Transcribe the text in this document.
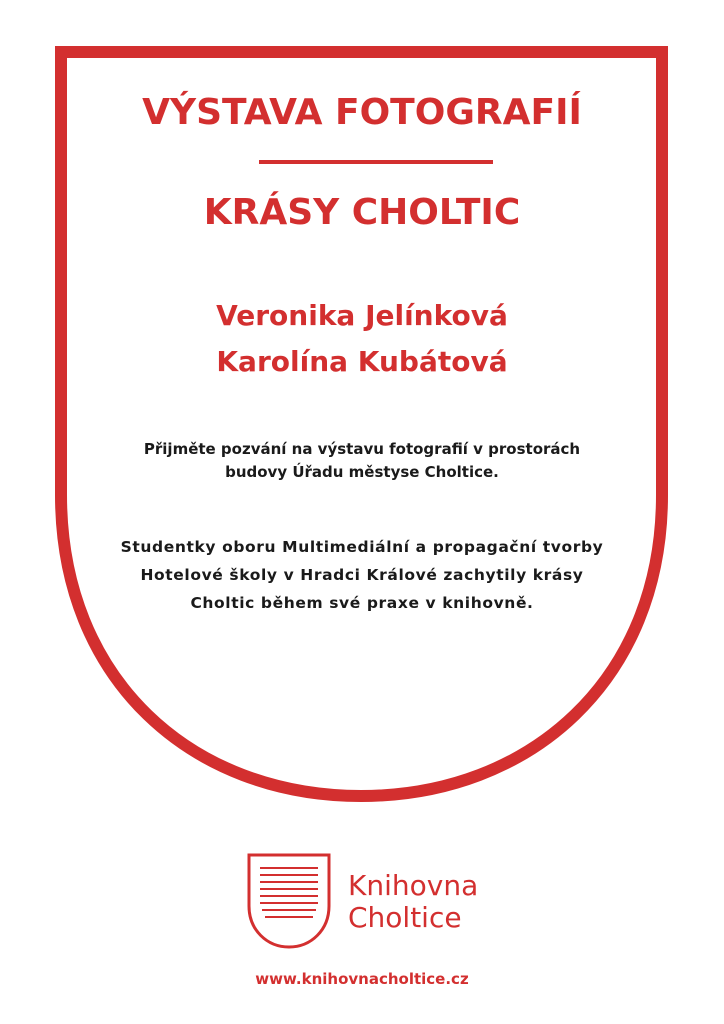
VÝSTAVA FOTOGRAFIÍ
KRÁSY CHOLTIC
Veronika Jelínková
Karolína Kubátová
Přijměte pozvání na výstavu fotografií v prostorách
budovy Úřadu městyse Choltice.
Studentky oboru Multimediální a propagační tvorby
Hotelové školy v Hradci Králové zachytily krásy
Choltic během své praxe v knihovně.
Knihovna
Choltice
www.knihovnacholtice.cz
